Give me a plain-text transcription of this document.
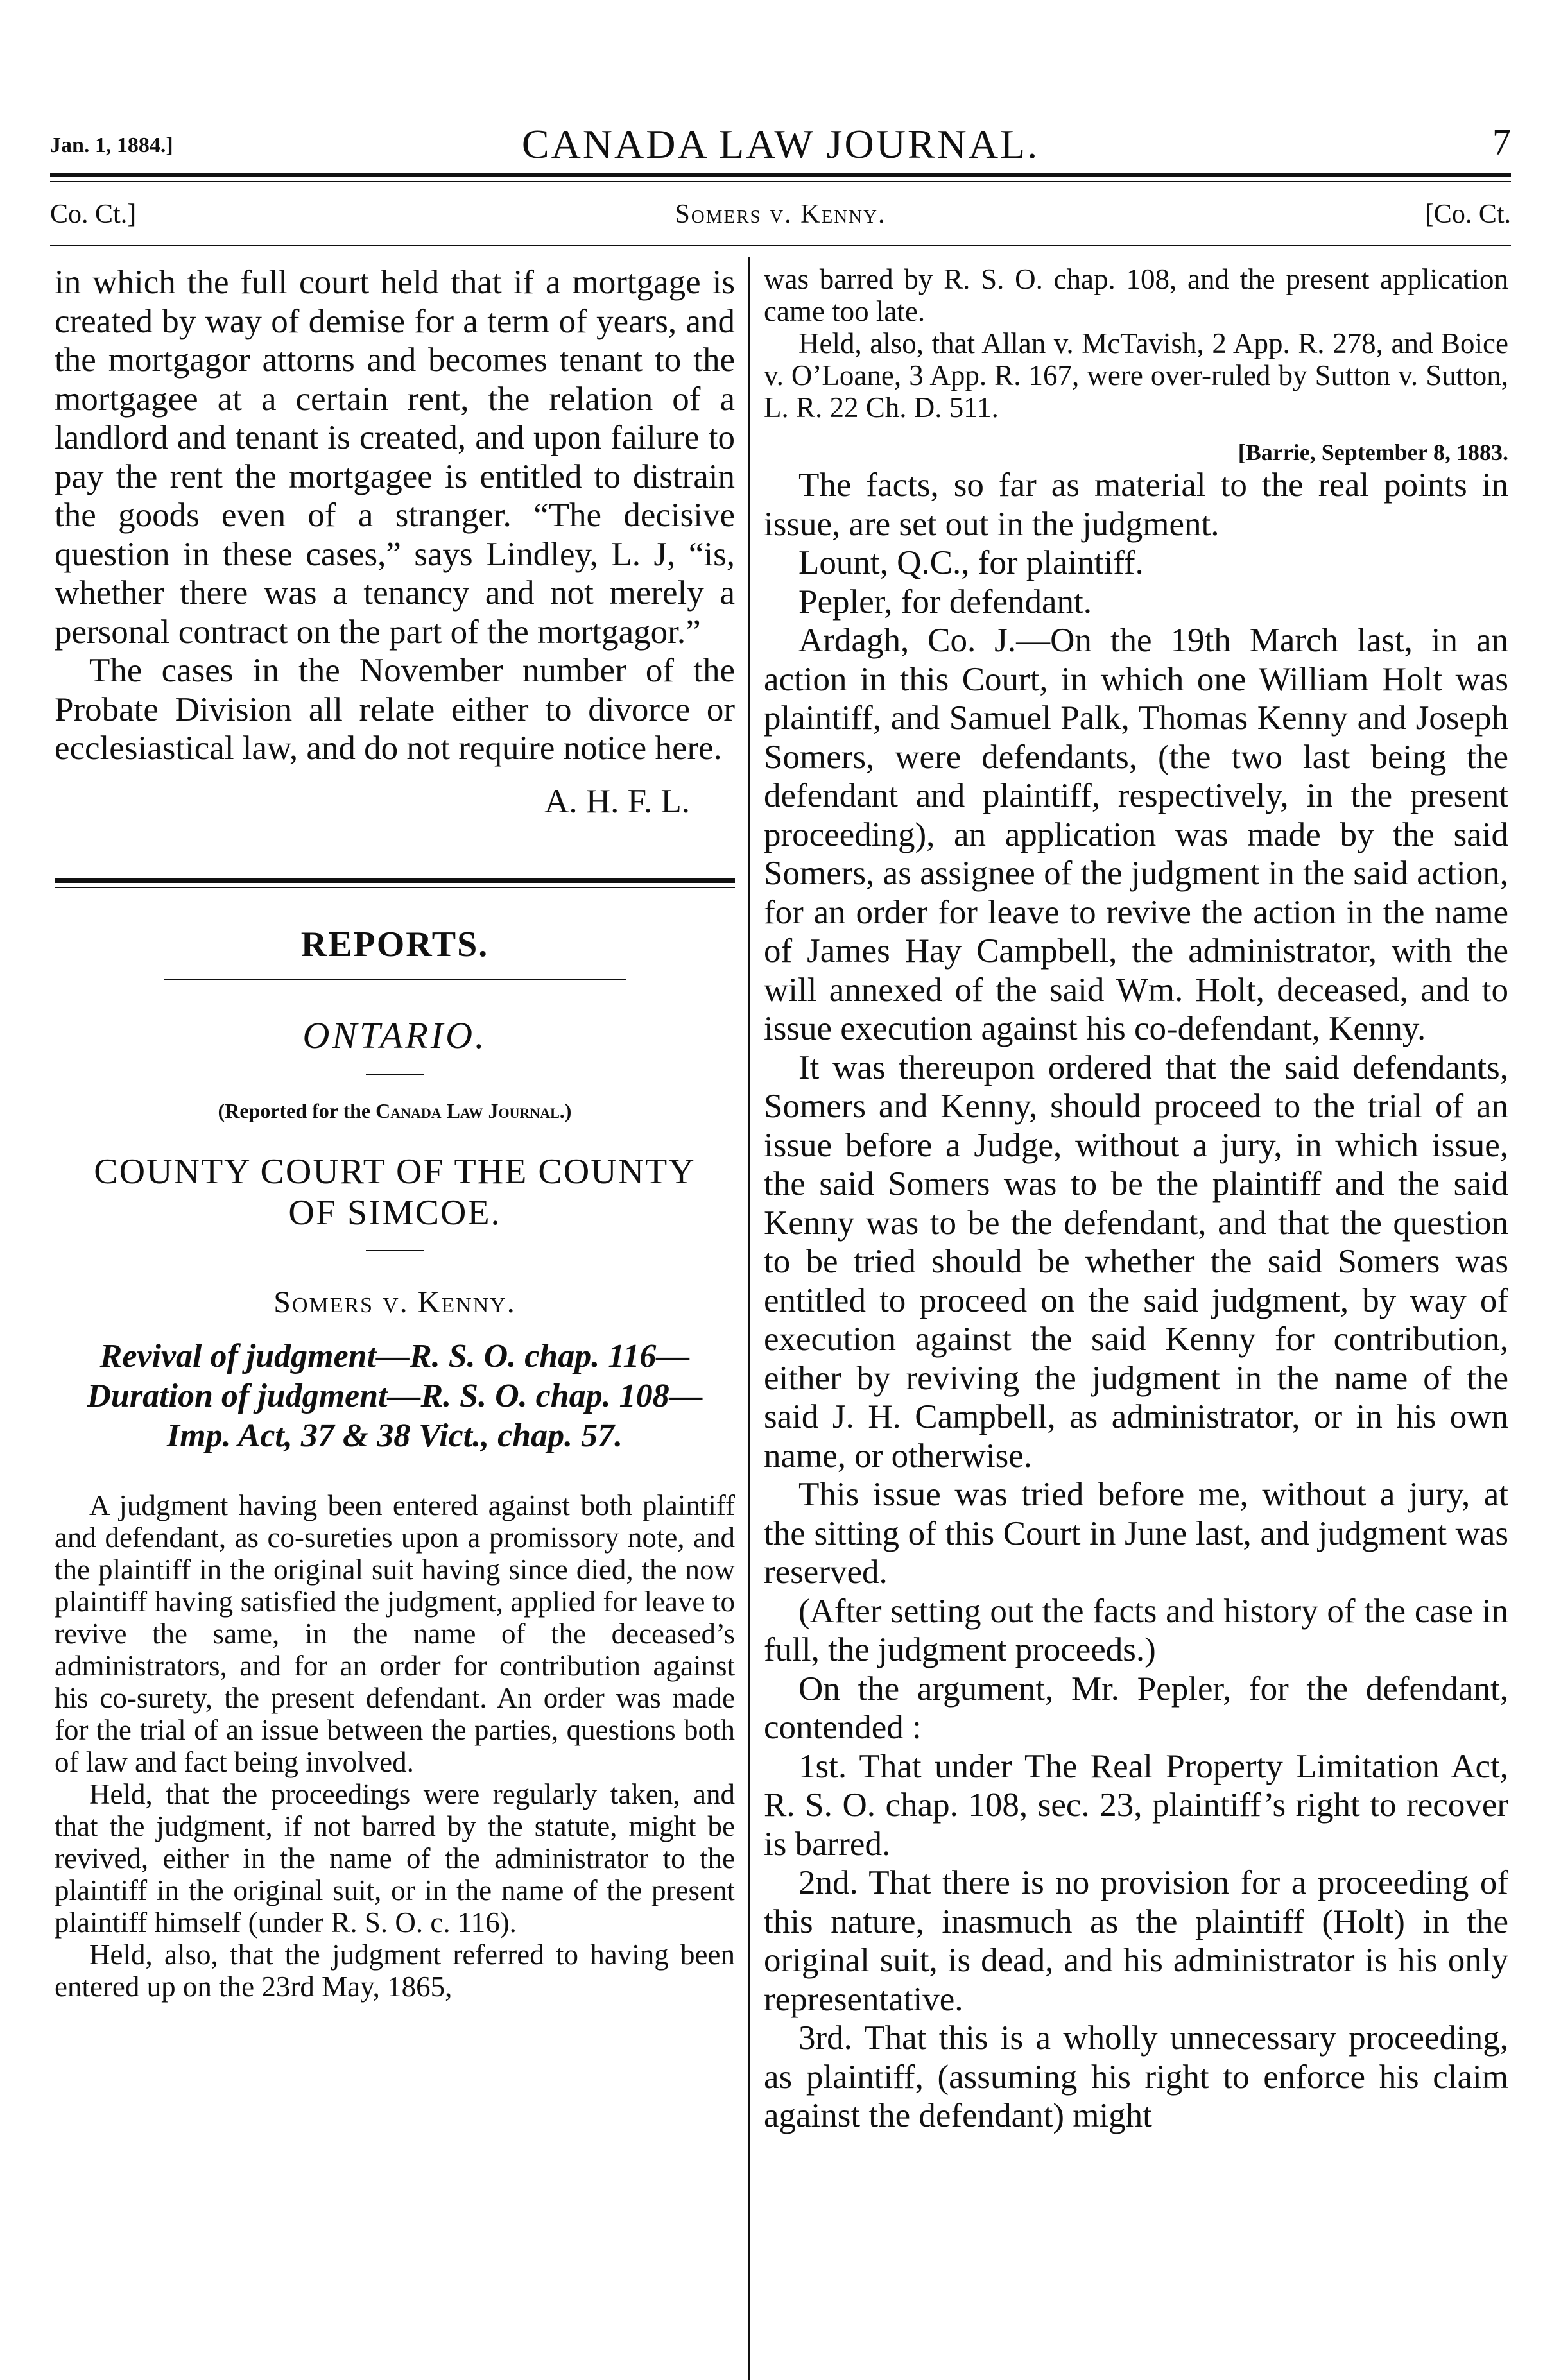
Jan. 1, 1884.]	CANADA LAW JOURNAL.	7
Co. Ct.]	Somers v. Kenny.	[Co. Ct.

in which the full court held that if a mortgage is created by way of demise for a term of years, and the mortgagor attorns and becomes tenant to the mortgagee at a certain rent, the relation of a landlord and tenant is created, and upon failure to pay the rent the mortgagee is entitled to distrain the goods even of a stranger. “The decisive question in these cases,” says Lindley, L. J, “is, whether there was a tenancy and not merely a personal contract on the part of the mortgagor.”

The cases in the November number of the Probate Division all relate either to divorce or ecclesiastical law, and do not require notice here.

A. H. F. L.

REPORTS.

ONTARIO.

(Reported for the Canada Law Journal.)

COUNTY COURT OF THE COUNTY
OF SIMCOE.

Somers v. Kenny.

Revival of judgment—R. S. O. chap. 116—Duration of judgment—R. S. O. chap. 108—Imp. Act, 37 & 38 Vict., chap. 57.

A judgment having been entered against both plaintiff and defendant, as co-sureties upon a promissory note, and the plaintiff in the original suit having since died, the now plaintiff having satisfied the judgment, applied for leave to revive the same, in the name of the deceased’s administrators, and for an order for contribution against his co-surety, the present defendant. An order was made for the trial of an issue between the parties, questions both of law and fact being involved.

Held, that the proceedings were regularly taken, and that the judgment, if not barred by the statute, might be revived, either in the name of the administrator to the plaintiff in the original suit, or in the name of the present plaintiff himself (under R. S. O. c. 116).

Held, also, that the judgment referred to having been entered up on the 23rd May, 1865,

was barred by R. S. O. chap. 108, and the present application came too late.

Held, also, that Allan v. McTavish, 2 App. R. 278, and Boice v. O’Loane, 3 App. R. 167, were over-ruled by Sutton v. Sutton, L. R. 22 Ch. D. 511.

[Barrie, September 8, 1883.

The facts, so far as material to the real points in issue, are set out in the judgment.

Lount, Q.C., for plaintiff.

Pepler, for defendant.

Ardagh, Co. J.—On the 19th March last, in an action in this Court, in which one William Holt was plaintiff, and Samuel Palk, Thomas Kenny and Joseph Somers, were defendants, (the two last being the defendant and plaintiff, respectively, in the present proceeding), an application was made by the said Somers, as assignee of the judgment in the said action, for an order for leave to revive the action in the name of James Hay Campbell, the administrator, with the will annexed of the said Wm. Holt, deceased, and to issue execution against his co-defendant, Kenny.

It was thereupon ordered that the said defendants, Somers and Kenny, should proceed to the trial of an issue before a Judge, without a jury, in which issue, the said Somers was to be the plaintiff and the said Kenny was to be the defendant, and that the question to be tried should be whether the said Somers was entitled to proceed on the said judgment, by way of execution against the said Kenny for contribution, either by reviving the judgment in the name of the said J. H. Campbell, as administrator, or in his own name, or otherwise.

This issue was tried before me, without a jury, at the sitting of this Court in June last, and judgment was reserved.

(After setting out the facts and history of the case in full, the judgment proceeds.)

On the argument, Mr. Pepler, for the defendant, contended :

1st. That under The Real Property Limitation Act, R. S. O. chap. 108, sec. 23, plaintiff’s right to recover is barred.

2nd. That there is no provision for a proceeding of this nature, inasmuch as the plaintiff (Holt) in the original suit, is dead, and his administrator is his only representative.

3rd. That this is a wholly unnecessary proceeding, as plaintiff, (assuming his right to enforce his claim against the defendant) might
